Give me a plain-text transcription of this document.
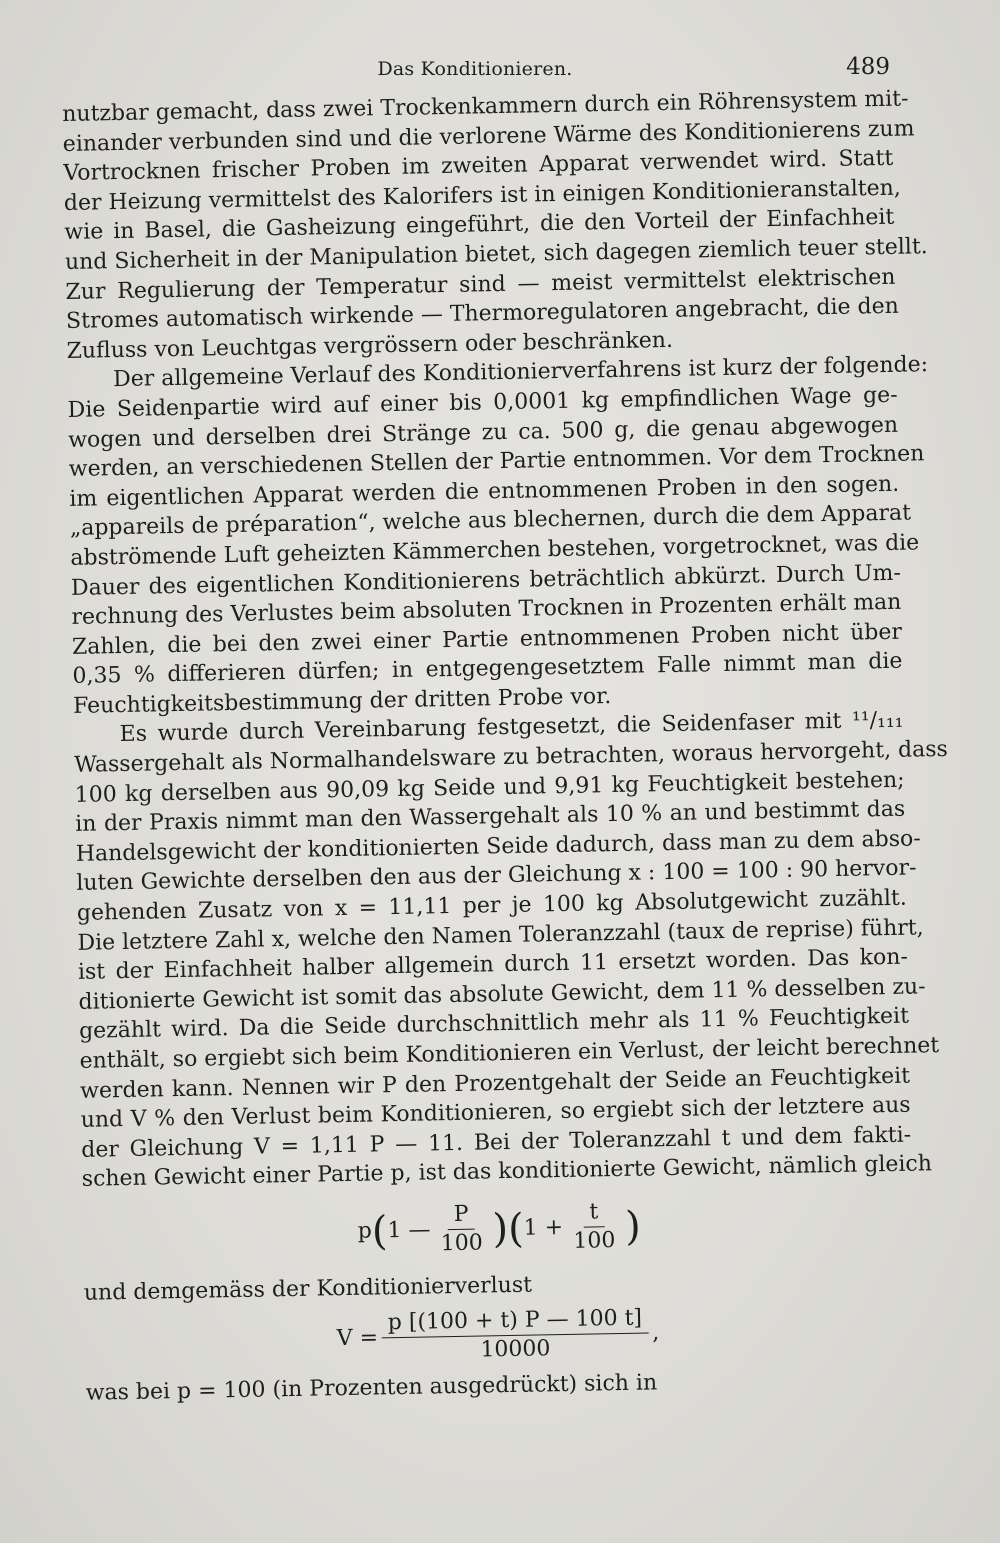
Das Konditionieren.	489
nutzbar gemacht, dass zwei Trockenkammern durch ein Röhrensystem mit-
einander verbunden sind und die verlorene Wärme des Konditionierens zum
Vortrocknen frischer Proben im zweiten Apparat verwendet wird. Statt
der Heizung vermittelst des Kalorifers ist in einigen Konditionieranstalten,
wie in Basel, die Gasheizung eingeführt, die den Vorteil der Einfachheit
und Sicherheit in der Manipulation bietet, sich dagegen ziemlich teuer stellt.
Zur Regulierung der Temperatur sind — meist vermittelst elektrischen
Stromes automatisch wirkende — Thermoregulatoren angebracht, die den
Zufluss von Leuchtgas vergrössern oder beschränken.
Der allgemeine Verlauf des Konditionierverfahrens ist kurz der folgende:
Die Seidenpartie wird auf einer bis 0,0001 kg empfindlichen Wage ge-
wogen und derselben drei Stränge zu ca. 500 g, die genau abgewogen
werden, an verschiedenen Stellen der Partie entnommen. Vor dem Trocknen
im eigentlichen Apparat werden die entnommenen Proben in den sogen.
„appareils de préparation“, welche aus blechernen, durch die dem Apparat
abströmende Luft geheizten Kämmerchen bestehen, vorgetrocknet, was die
Dauer des eigentlichen Konditionierens beträchtlich abkürzt. Durch Um-
rechnung des Verlustes beim absoluten Trocknen in Prozenten erhält man
Zahlen, die bei den zwei einer Partie entnommenen Proben nicht über
0,35 % differieren dürfen; in entgegengesetztem Falle nimmt man die
Feuchtigkeitsbestimmung der dritten Probe vor.
Es wurde durch Vereinbarung festgesetzt, die Seidenfaser mit ¹¹/₁₁₁
Wassergehalt als Normalhandelsware zu betrachten, woraus hervorgeht, dass
100 kg derselben aus 90,09 kg Seide und 9,91 kg Feuchtigkeit bestehen;
in der Praxis nimmt man den Wassergehalt als 10 % an und bestimmt das
Handelsgewicht der konditionierten Seide dadurch, dass man zu dem abso-
luten Gewichte derselben den aus der Gleichung x : 100 = 100 : 90 hervor-
gehenden Zusatz von x = 11,11 per je 100 kg Absolutgewicht zuzählt.
Die letztere Zahl x, welche den Namen Toleranzzahl (taux de reprise) führt,
ist der Einfachheit halber allgemein durch 11 ersetzt worden. Das kon-
ditionierte Gewicht ist somit das absolute Gewicht, dem 11 % desselben zu-
gezählt wird. Da die Seide durchschnittlich mehr als 11 % Feuchtigkeit
enthält, so ergiebt sich beim Konditionieren ein Verlust, der leicht berechnet
werden kann. Nennen wir P den Prozentgehalt der Seide an Feuchtigkeit
und V % den Verlust beim Konditionieren, so ergiebt sich der letztere aus
der Gleichung V = 1,11 P — 11. Bei der Toleranzzahl t und dem fakti-
schen Gewicht einer Partie p, ist das konditionierte Gewicht, nämlich gleich
p ( 1 — $\frac{P}{100}$ ) ( $1 + \frac{t}{100}$ )
und demgemäss der Konditionierverlust
$V = \frac{p [(100 + t) P — 100 t]}{10000}$ ,
was bei p = 100 (in Prozenten ausgedrückt) sich in
